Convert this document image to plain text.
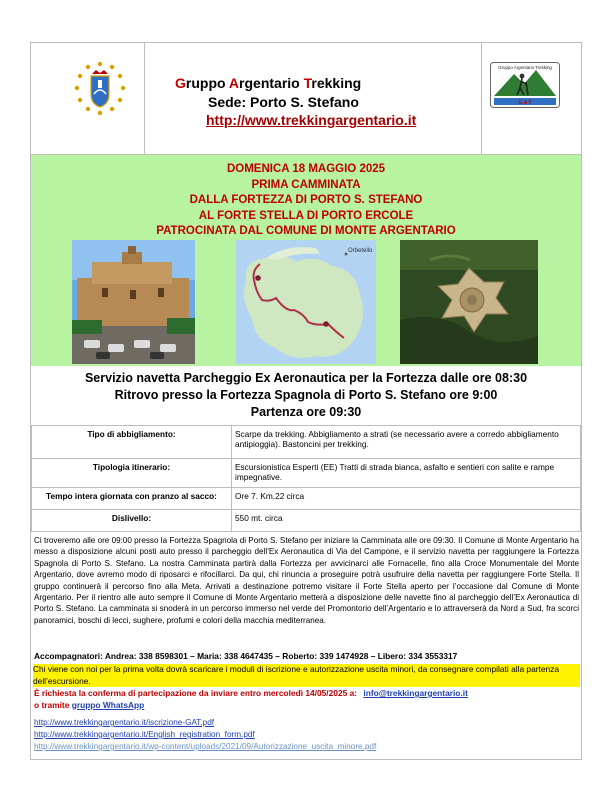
Gruppo Argentario Trekking
G A T
Gruppo Argentario Trekking
Sede: Porto S. Stefano
http://www.trekkingargentario.it
DOMENICA 18 MAGGIO 2025
PRIMA CAMMINATA
DALLA FORTEZZA DI PORTO S. STEFANO
AL FORTE STELLA DI PORTO ERCOLE
PATROCINATA DAL COMUNE DI MONTE ARGENTARIO
Orbetello
Servizio navetta Parcheggio Ex Aeronautica per la Fortezza dalle ore 08:30
Ritrovo presso la Fortezza Spagnola di Porto S. Stefano ore 9:00
Partenza ore 09:30
Tipo di abbigliamento:	Scarpe da trekking. Abbigliamento a strati (se necessario avere a corredo abbigliamento antipioggia). Bastoncini per trekking.
Tipologia itinerario:	Escursionistica Esperti (EE) Tratti di strada bianca, asfalto e sentieri con salite e rampe impegnative.
Tempo intera giornata con pranzo al sacco:	Ore 7. Km.22 circa
Dislivello:	550 mt. circa
Ci troveremo alle ore 09:00 presso la Fortezza Spagnola di Porto S. Stefano per iniziare la Camminata alle ore 09:30. Il Comune di Monte Argentario ha messo a disposizione alcuni posti auto presso il parcheggio dell’Ex Aeronautica di Via del Campone, e il servizio navetta per raggiungere la Fortezza Spagnola di Porto S. Stefano. La nostra Camminata partirà dalla Fortezza per avvicinarci alle Fornacelle, fino alla Croce Monumentale del Monte Argentario, dove avremo modo di riposarci e rifocillarci. Da qui, chi rinuncia a proseguire potrà usufruire della navetta per raggiungere Forte Stella. Il gruppo continuerà il percorso fino alla Meta. Arrivati a destinazione potremo visitare il Forte Stella aperto per l’occasione dal Comune di Monte Argentario. Per il rientro alle auto sempre il Comune di Monte Argentario metterà a disposizione delle navette fino al parcheggio dell’Ex Aeronautica di Porto S. Stefano. La camminata si snoderà in un percorso immerso nel verde del Promontorio dell’Argentario e lo attraverserà da Nord a Sud, fra scorci panoramici, boschi di lecci, sughere, profumi e colori della macchia mediterranea.
Accompagnatori: Andrea: 338 8598301 – Maria: 338 4647435 – Roberto: 339 1474928 – Libero: 334 3553317
Chi viene con noi per la prima volta dovrà scaricare i moduli di iscrizione e autorizzazione uscita minori, da consegnare compilati alla partenza dell’escursione.
È richiesta la conferma di partecipazione da inviare entro mercoledì 14/05/2025 a: info@trekkingargentario.it
o tramite gruppo WhatsApp
http://www.trekkingargentario.it/iscrizione-GAT.pdf
http://www.trekkingargentario.it/English_registration_form.pdf
http://www.trekkingargentario.it/wp-content/uploads/2021/09/Autorizzazione_uscita_minore.pdf
